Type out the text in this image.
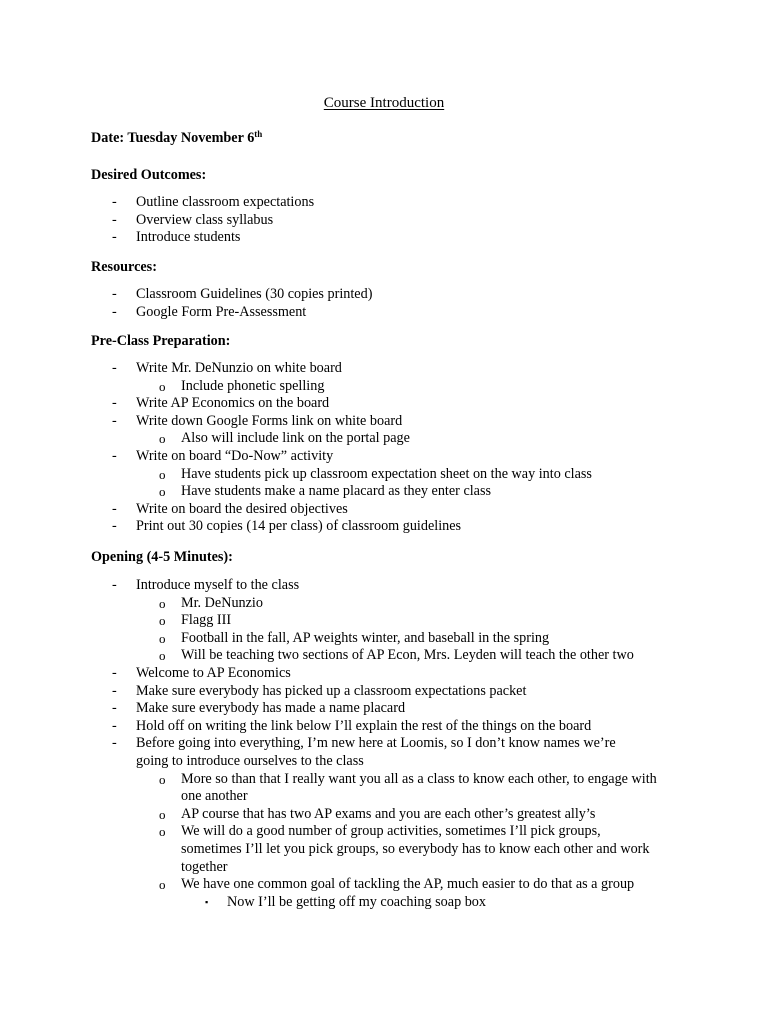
Course Introduction
Date: Tuesday November 6th
Desired Outcomes:
- Outline classroom expectations
- Overview class syllabus
- Introduce students
Resources:
- Classroom Guidelines (30 copies printed)
- Google Form Pre-Assessment
Pre-Class Preparation:
- Write Mr. DeNunzio on white board
o Include phonetic spelling
- Write AP Economics on the board
- Write down Google Forms link on white board
o Also will include link on the portal page
- Write on board “Do-Now” activity
o Have students pick up classroom expectation sheet on the way into class
o Have students make a name placard as they enter class
- Write on board the desired objectives
- Print out 30 copies (14 per class) of classroom guidelines
Opening (4-5 Minutes):
- Introduce myself to the class
o Mr. DeNunzio
o Flagg III
o Football in the fall, AP weights winter, and baseball in the spring
o Will be teaching two sections of AP Econ, Mrs. Leyden will teach the other two
- Welcome to AP Economics
- Make sure everybody has picked up a classroom expectations packet
- Make sure everybody has made a name placard
- Hold off on writing the link below I’ll explain the rest of the things on the board
- Before going into everything, I’m new here at Loomis, so I don’t know names we’re going to introduce ourselves to the class
o More so than that I really want you all as a class to know each other, to engage with one another
o AP course that has two AP exams and you are each other’s greatest ally’s
o We will do a good number of group activities, sometimes I’ll pick groups, sometimes I’ll let you pick groups, so everybody has to know each other and work together
o We have one common goal of tackling the AP, much easier to do that as a group
▪ Now I’ll be getting off my coaching soap box
